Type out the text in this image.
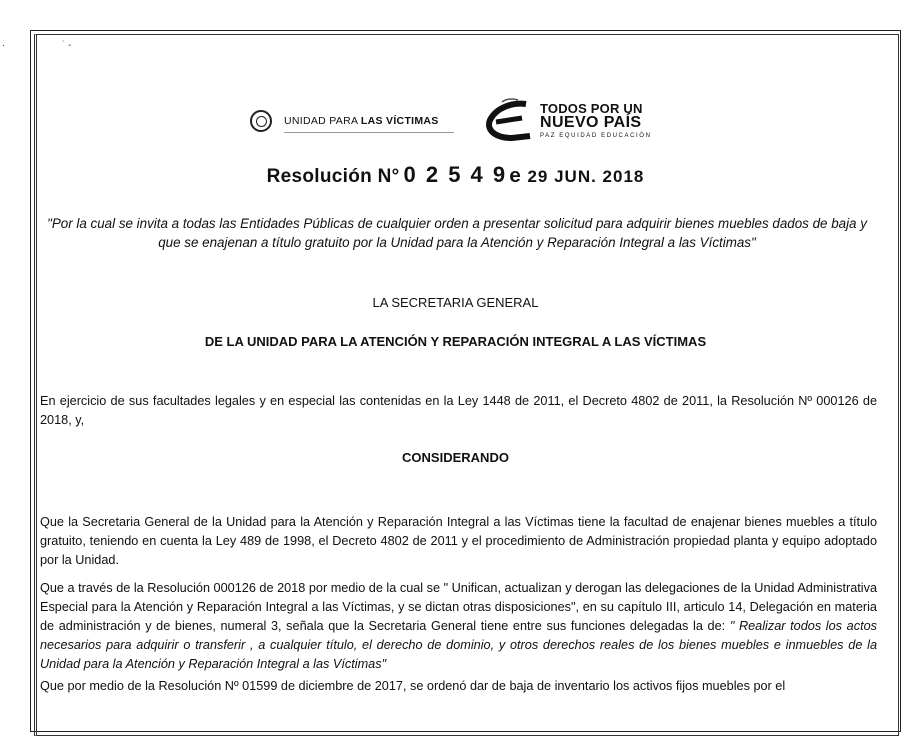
⸱	˙ ‑
UNIDAD PARA LAS VÍCTIMAS
TODOS POR UN
NUEVO PAÍS
PAZ EQUIDAD EDUCACIÓN
Resolución N° 0 2 5 4 9 e 29 JUN. 2018
"Por la cual se invita a todas las Entidades Públicas de cualquier orden a presentar solicitud para adquirir bienes muebles dados de baja y que se enajenan a título gratuito por la Unidad para la Atención y Reparación Integral a las Víctimas"
LA SECRETARIA GENERAL
DE LA UNIDAD PARA LA ATENCIÓN Y REPARACIÓN INTEGRAL A LAS VÍCTIMAS
En ejercicio de sus facultades legales y en especial las contenidas en la Ley 1448 de 2011, el Decreto 4802 de 2011, la Resolución Nº 000126 de 2018, y,
CONSIDERANDO
Que la Secretaria General de la Unidad para la Atención y Reparación Integral a las Víctimas tiene la facultad de enajenar bienes muebles a título gratuito, teniendo en cuenta la Ley 489 de 1998, el Decreto 4802 de 2011 y el procedimiento de Administración propiedad planta y equipo adoptado por la Unidad.
Que a través de la Resolución 000126 de 2018 por medio de la cual se " Unifican, actualizan y derogan las delegaciones de la Unidad Administrativa Especial para la Atención y Reparación Integral a las Víctimas, y se dictan otras disposiciones", en su capítulo III, articulo 14, Delegación en materia de administración y de bienes, numeral 3, señala que la Secretaria General tiene entre sus funciones delegadas la de: " Realizar todos los actos necesarios para adquirir o transferir , a cualquier título, el derecho de dominio, y otros derechos reales de los bienes muebles e inmuebles de la Unidad para la Atención y Reparación Integral a las Víctimas"
Que por medio de la Resolución Nº 01599 de diciembre de 2017, se ordenó dar de baja de inventario los activos fijos muebles por el
